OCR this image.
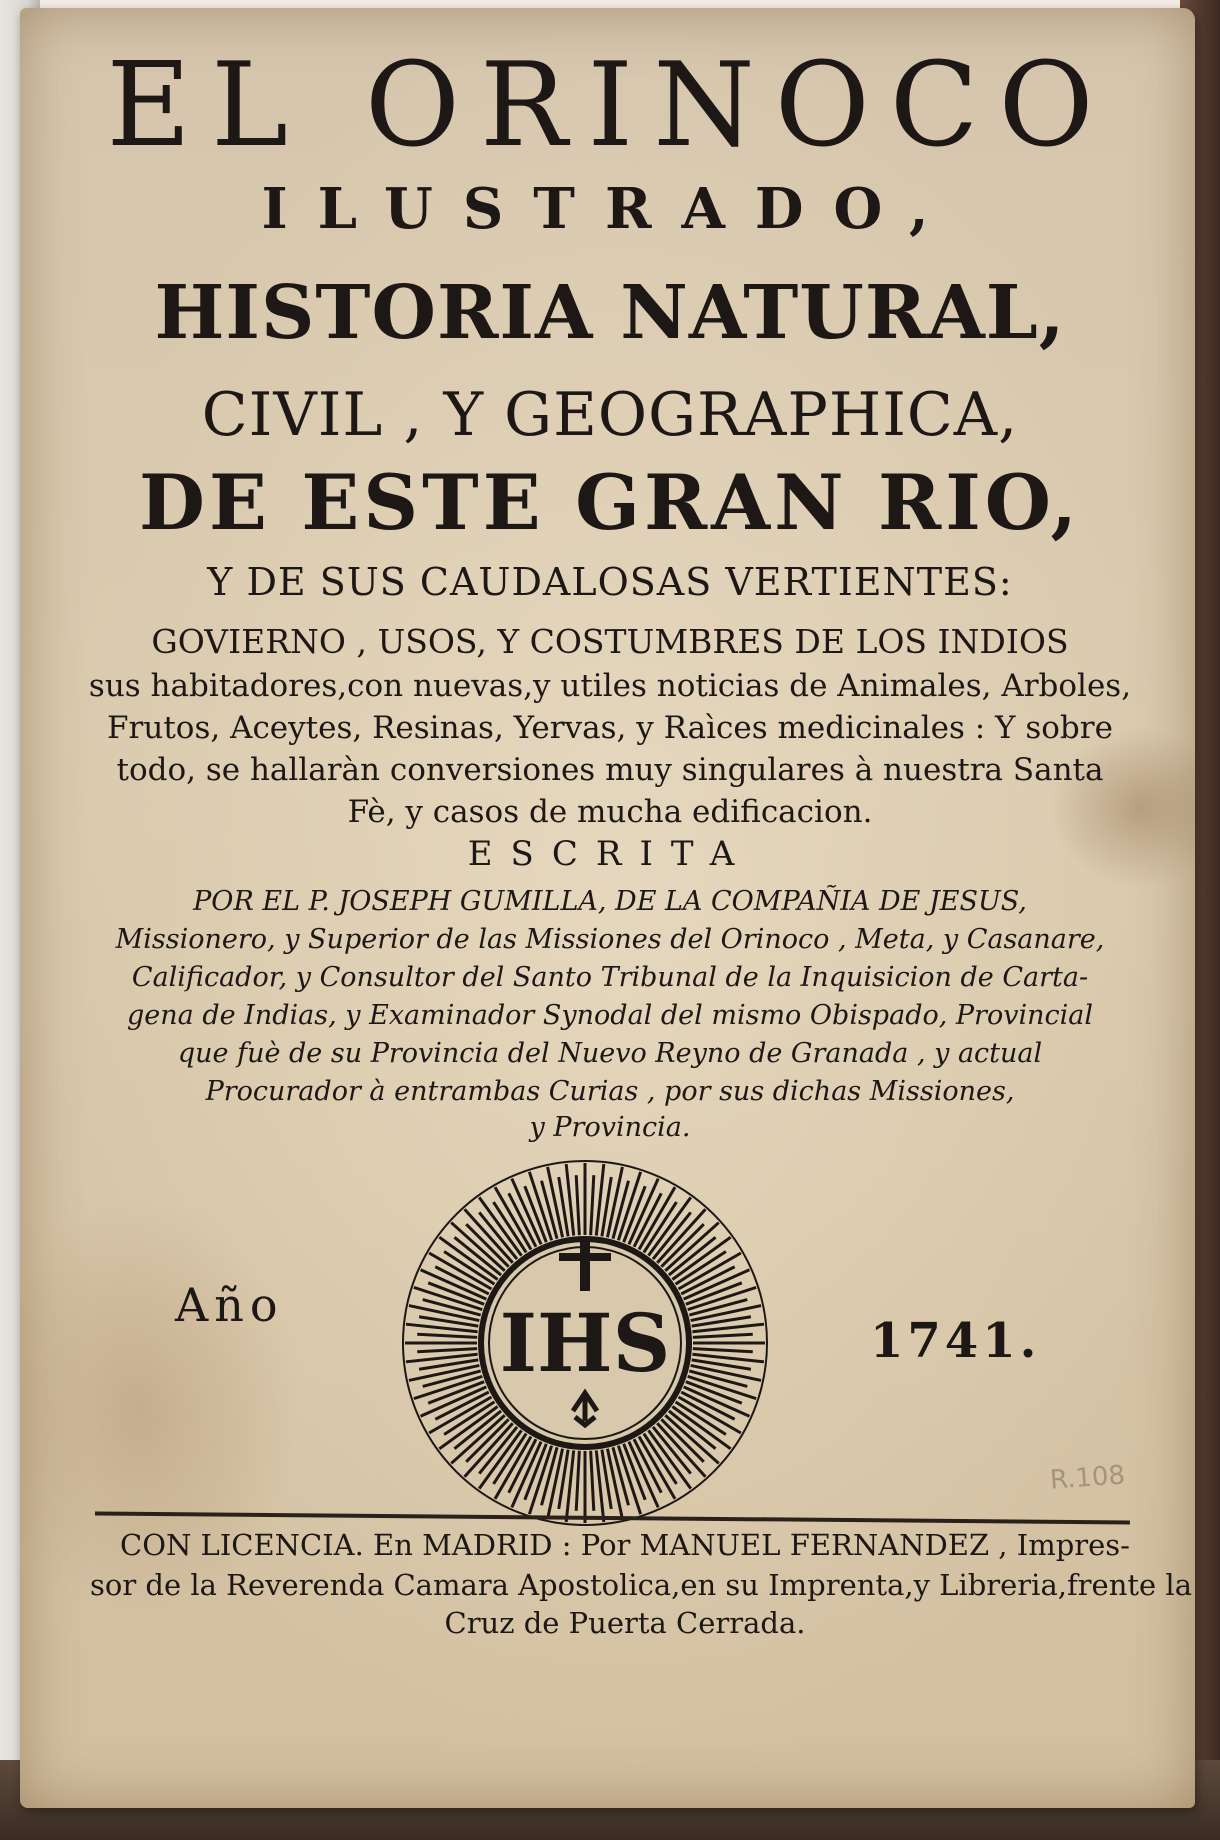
EL ORINOCO
ILUSTRADO,
HISTORIA NATURAL,
CIVIL , Y GEOGRAPHICA,
DE ESTE GRAN RIO,
Y DE SUS CAUDALOSAS VERTIENTES:
GOVIERNO , USOS, Y COSTUMBRES DE LOS INDIOS
sus habitadores,con nuevas,y utiles noticias de Animales, Arboles,
Frutos, Aceytes, Resinas, Yervas, y Raìces medicinales : Y sobre
todo, se hallaràn conversiones muy singulares à nuestra Santa
Fè, y casos de mucha edificacion.
ESCRITA
POR EL P. JOSEPH GUMILLA, DE LA COMPAÑIA DE JESUS,
Missionero, y Superior de las Missiones del Orinoco , Meta, y Casanare,
Calificador, y Consultor del Santo Tribunal de la Inquisicion de Carta-
gena de Indias, y Examinador Synodal del mismo Obispado, Provincial
que fuè de su Provincia del Nuevo Reyno de Granada , y actual
Procurador à entrambas Curias , por sus dichas Missiones,
y Provincia.
Año	IHS	1741.
R.108
CON LICENCIA. En MADRID : Por MANUEL FERNANDEZ , Impres-
sor de la Reverenda Camara Apostolica,en su Imprenta,y Libreria,frente la
Cruz de Puerta Cerrada.
